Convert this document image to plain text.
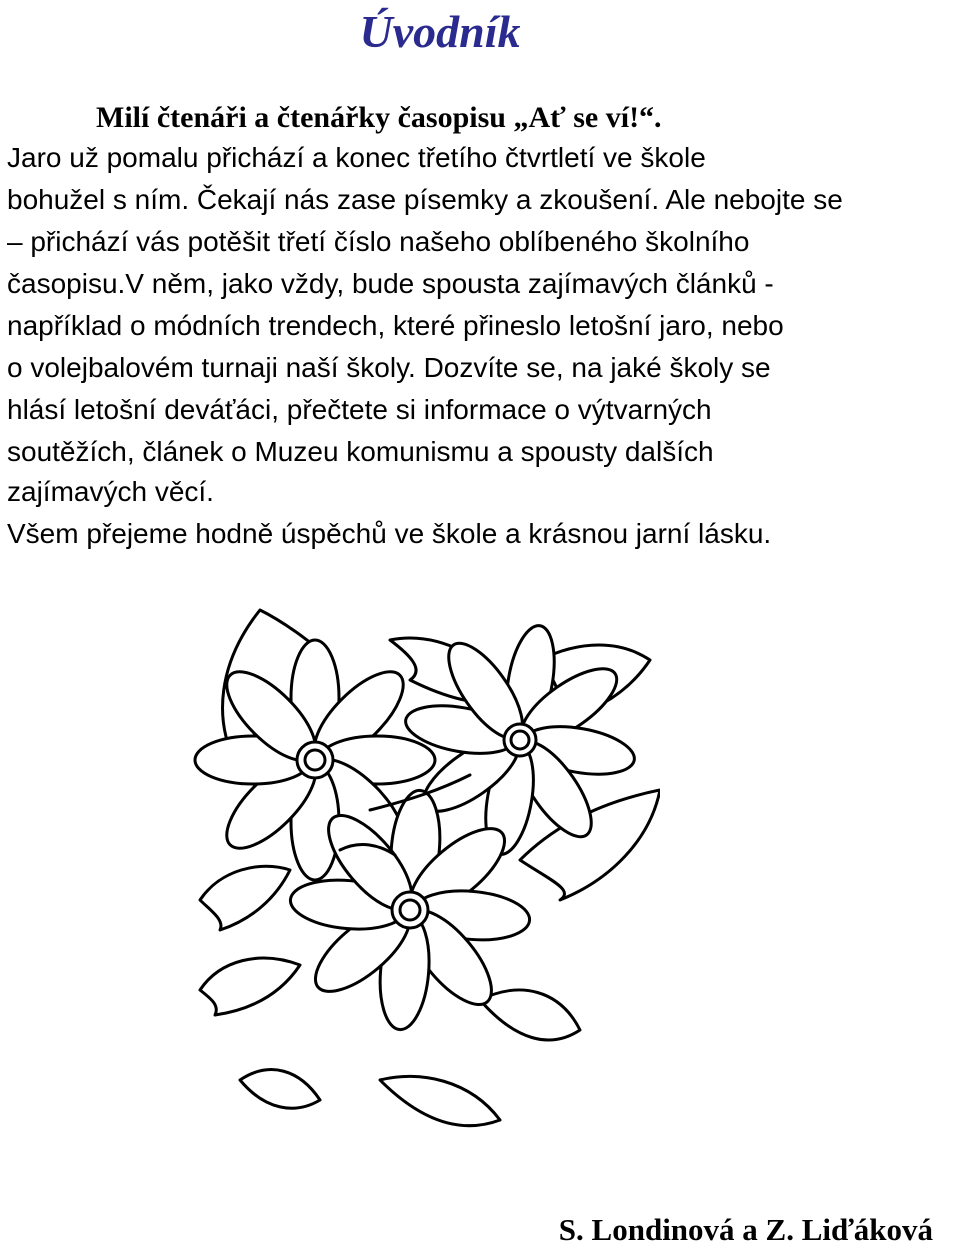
Úvodník
Milí čtenáři a čtenářky časopisu „Ať se ví!“.
Jaro už pomalu přichází a konec třetího čtvrtletí ve škole
bohužel s ním. Čekají nás zase písemky a zkoušení. Ale nebojte se
– přichází vás potěšit třetí číslo našeho oblíbeného školního
časopisu.V něm, jako vždy, bude spousta zajímavých článků -
například o módních trendech, které přineslo letošní jaro, nebo
o volejbalovém turnaji naší školy. Dozvíte se, na jaké školy se
hlásí letošní deváťáci, přečtete si informace o výtvarných
soutěžích, článek o Muzeu komunismu a spousty dalších
zajímavých věcí.
Všem přejeme hodně úspěchů ve škole a krásnou jarní lásku.
S. Londinová a Z. Liďáková
